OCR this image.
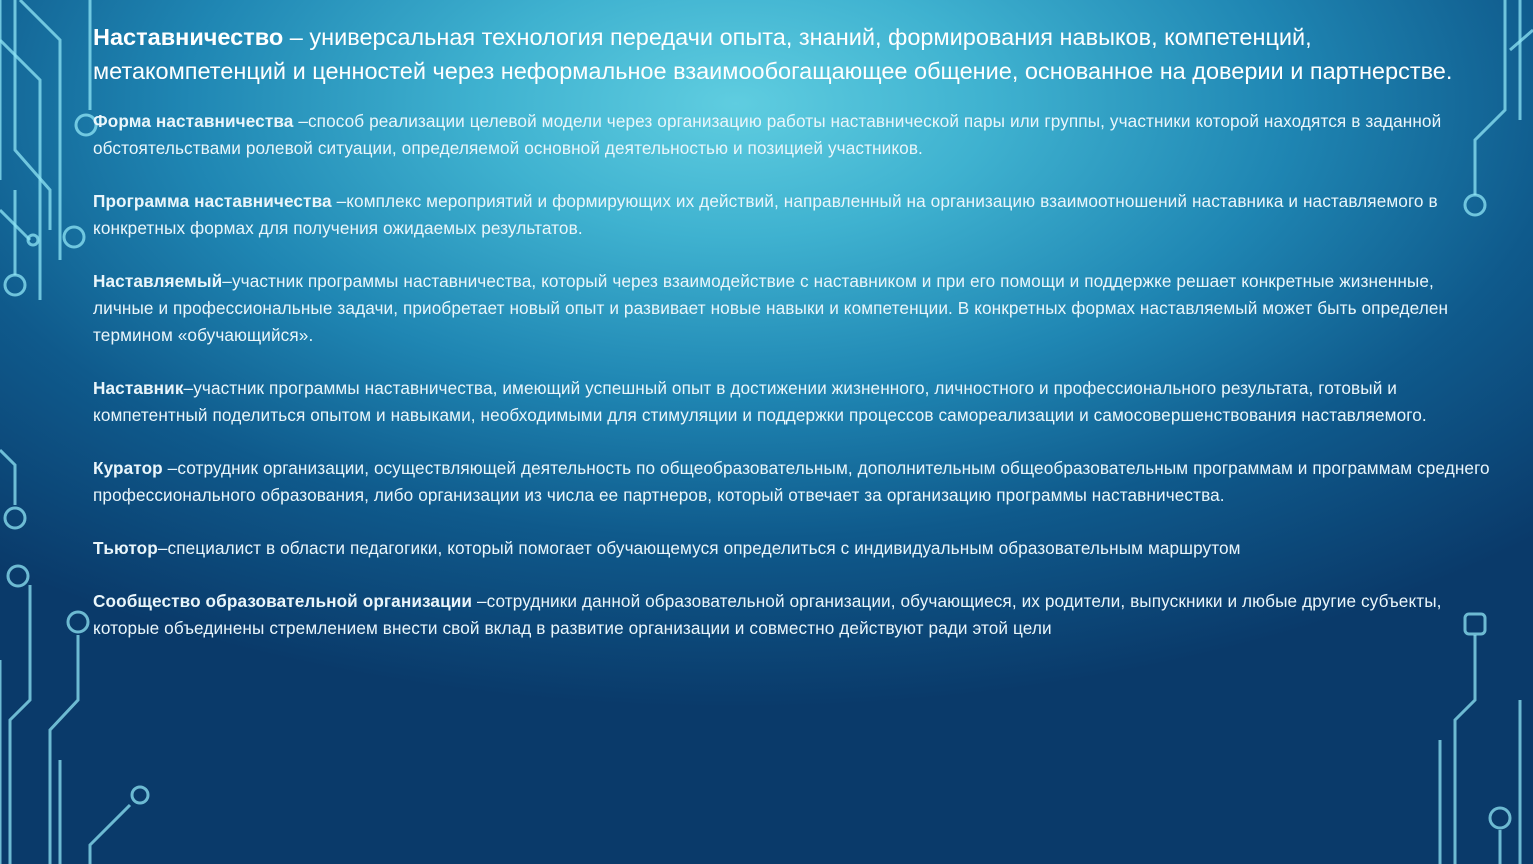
Наставничество – универсальная технология передачи опыта, знаний, формирования навыков, компетенций, метакомпетенций и ценностей через неформальное взаимообогащающее общение, основанное на доверии и партнерстве.

Форма наставничества –способ реализации целевой модели через организацию работы наставнической пары или группы, участники которой находятся в заданной обстоятельствами ролевой ситуации, определяемой основной деятельностью и позицией участников.

Программа наставничества –комплекс мероприятий и формирующих их действий, направленный на организацию взаимоотношений наставника и наставляемого в конкретных формах для получения ожидаемых результатов.

Наставляемый–участник программы наставничества, который через взаимодействие с наставником и при его помощи и поддержке решает конкретные жизненные, личные и профессиональные задачи, приобретает новый опыт и развивает новые навыки и компетенции. В конкретных формах наставляемый может быть определен термином «обучающийся».

Наставник–участник программы наставничества, имеющий успешный опыт в достижении жизненного, личностного и профессионального результата, готовый и компетентный поделиться опытом и навыками, необходимыми для стимуляции и поддержки процессов самореализации и самосовершенствования наставляемого.

Куратор –сотрудник организации, осуществляющей деятельность по общеобразовательным, дополнительным общеобразовательным программам и программам среднего профессионального образования, либо организации из числа ее партнеров, который отвечает за организацию программы наставничества.

Тьютор–специалист в области педагогики, который помогает обучающемуся определиться с индивидуальным образовательным маршрутом

Сообщество образовательной организации –сотрудники данной образовательной организации, обучающиеся, их родители, выпускники и любые другие субъекты, которые объединены стремлением внести свой вклад в развитие организации и совместно действуют ради этой цели
